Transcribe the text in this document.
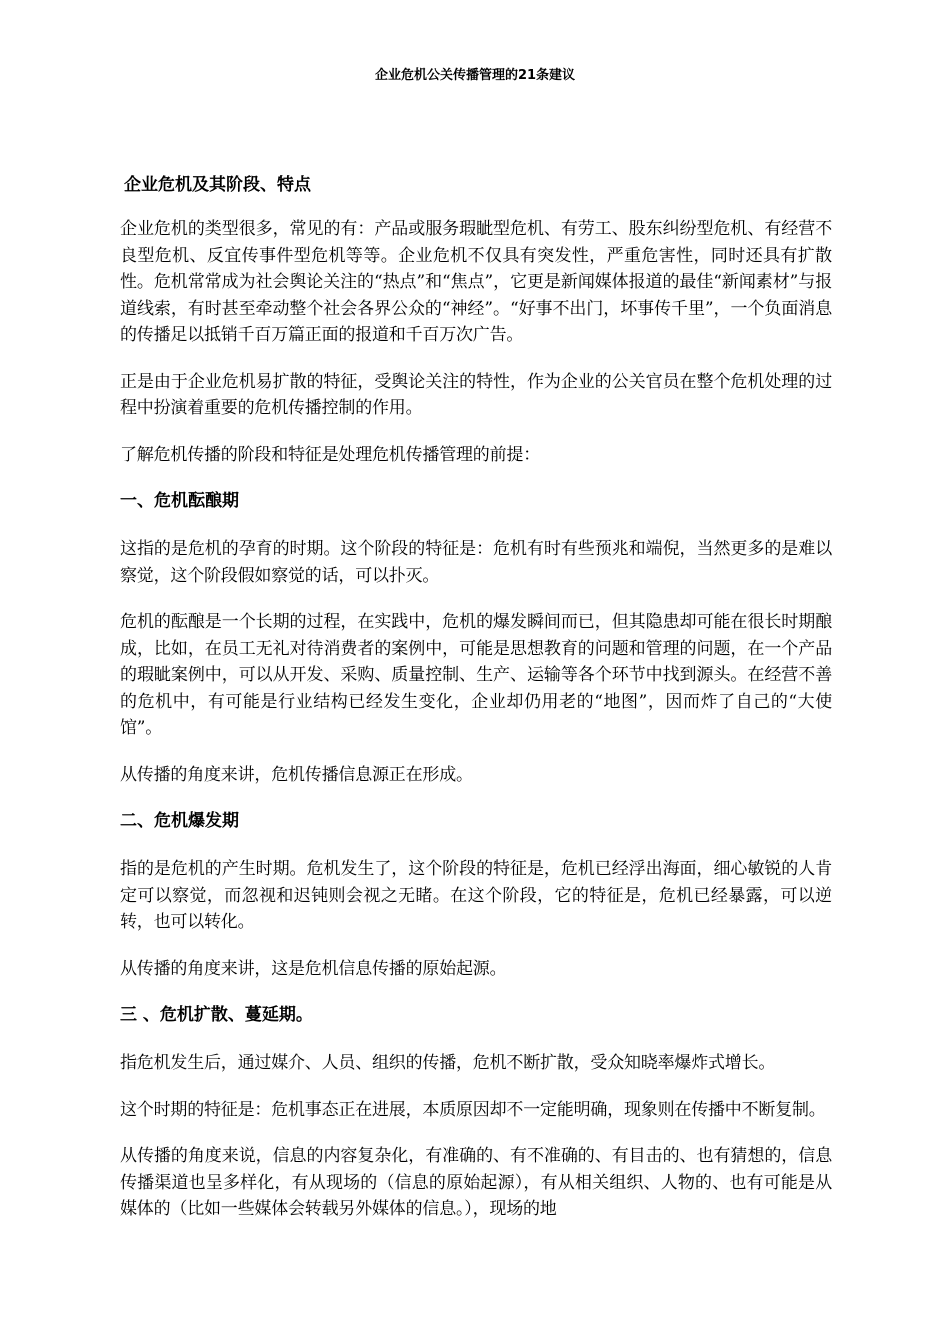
企业危机公关传播管理的21条建议
企业危机及其阶段、特点

企业危机的类型很多，常见的有：产品或服务瑕眦型危机、有劳工、股东纠纷型危机、有经营不良型危机、反宜传事件型危机等等。企业危机不仅具有突发性，严重危害性，同时还具有扩散性。危机常常成为社会舆论关注的“热点”和“焦点”，它更是新闻媒体报道的最佳“新闻素材”与报道线索，有时甚至牵动整个社会各界公众的“神经”。“好事不出门，坏事传千里”，一个负面消息的传播足以抵销千百万篇正面的报道和千百万次广告。

正是由于企业危机易扩散的特征，受舆论关注的特性，作为企业的公关官员在整个危机处理的过程中扮演着重要的危机传播控制的作用。

了解危机传播的阶段和特征是处理危机传播管理的前提：

一、危机酝酿期

这指的是危机的孕育的时期。这个阶段的特征是：危机有时有些预兆和端倪，当然更多的是难以察觉，这个阶段假如察觉的话，可以扑灭。

危机的酝酿是一个长期的过程，在实践中，危机的爆发瞬间而已，但其隐患却可能在很长时期酿成，比如，在员工无礼对待消费者的案例中，可能是思想教育的问题和管理的问题，在一个产品的瑕眦案例中，可以从开发、采购、质量控制、生产、运输等各个环节中找到源头。在经营不善的危机中，有可能是行业结构已经发生变化，企业却仍用老的“地图”，因而炸了自己的“大使馆”。

从传播的角度来讲，危机传播信息源正在形成。

二、危机爆发期

指的是危机的产生时期。危机发生了，这个阶段的特征是，危机已经浮出海面，细心敏锐的人肯定可以察觉，而忽视和迟钝则会视之无睹。在这个阶段，它的特征是，危机已经暴露，可以逆转，也可以转化。

从传播的角度来讲，这是危机信息传播的原始起源。

三 、危机扩散、蔓延期。

指危机发生后，通过媒介、人员、组织的传播，危机不断扩散，受众知晓率爆炸式增长。

这个时期的特征是：危机事态正在进展，本质原因却不一定能明确，现象则在传播中不断复制。

从传播的角度来说，信息的内容复杂化，有准确的、有不准确的、有目击的、也有猜想的，信息传播渠道也呈多样化，有从现场的（信息的原始起源），有从相关组织、人物的、也有可能是从媒体的（比如一些媒体会转载另外媒体的信息。），现场的地
